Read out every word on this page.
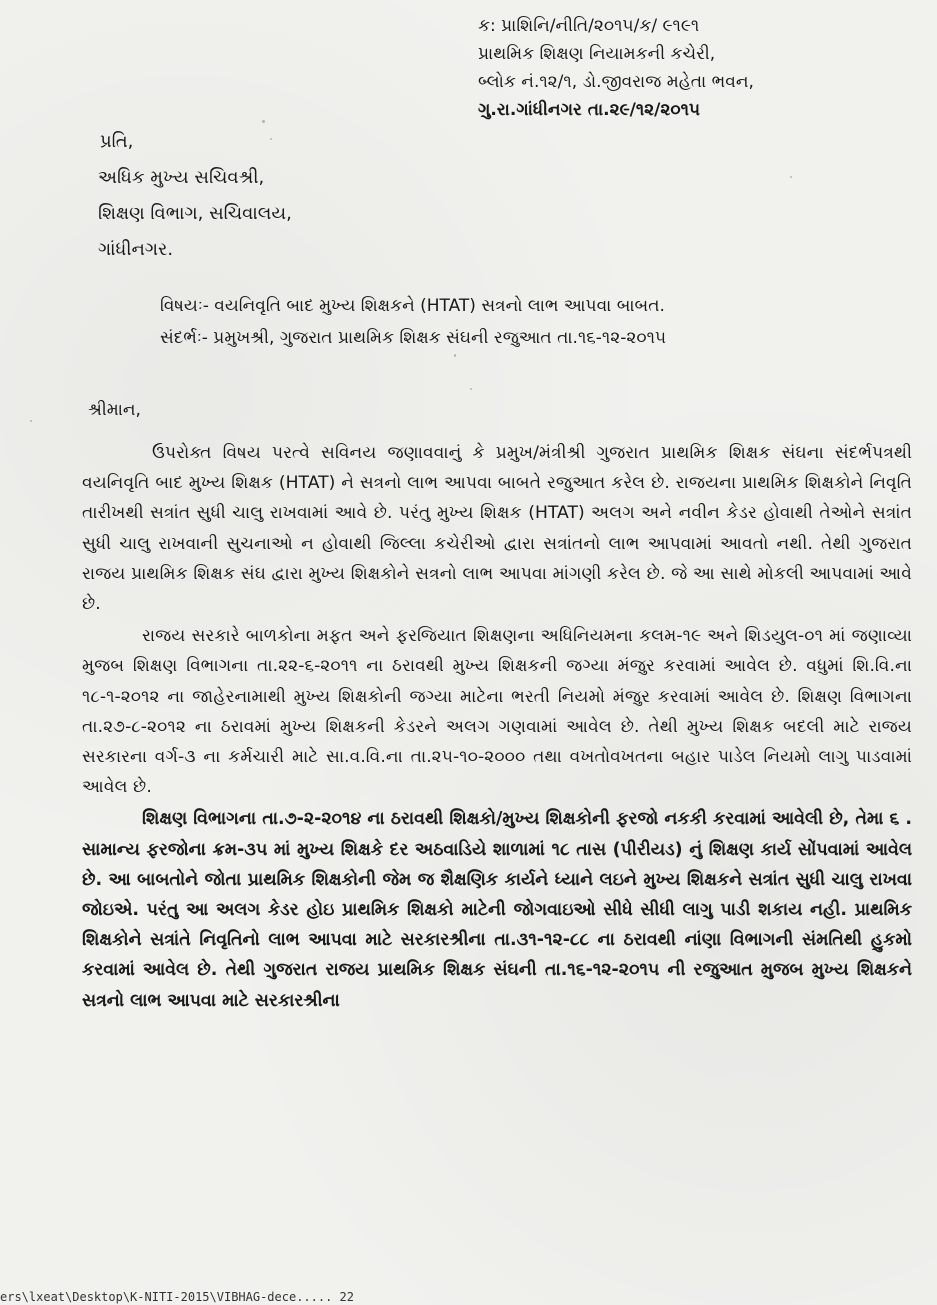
ક: પ્રાશિનિ/નીતિ/૨૦૧૫/ક/ ૯૧૯૧
પ્રાથમિક શિક્ષણ નિયામકની કચેરી,
બ્લોક નં.૧૨/૧, ડો.જીવરાજ મહેતા ભવન,
ગુ.રા.ગાંધીનગર તા.૨૯/૧૨/૨૦૧૫
પ્રતિ,
અધિક મુખ્ય સચિવશ્રી,
શિક્ષણ વિભાગ, સચિવાલય,
ગાંધીનગર.
વિષયઃ- વયનિવૃતિ બાદ મુખ્ય શિક્ષકને (HTAT) સત્રનો લાભ આપવા બાબત.
સંદર્ભઃ- પ્રમુખશ્રી, ગુજરાત પ્રાથમિક શિક્ષક સંઘની રજુઆત તા.૧૬-૧૨-૨૦૧૫
શ્રીમાન,

ઉપરોક્ત વિષય પરત્વે સવિનય જણાવવાનું કે પ્રમુખ/મંત્રીશ્રી ગુજરાત પ્રાથમિક શિક્ષક સંઘના સંદર્ભપત્રથી વયનિવૃતિ બાદ મુખ્ય શિક્ષક (HTAT) ને સત્રનો લાભ આપવા બાબતે રજુઆત કરેલ છે. રાજયના પ્રાથમિક શિક્ષકોને નિવૃતિ તારીખથી સત્રાંત સુધી ચાલુ રાખવામાં આવે છે. પરંતુ મુખ્ય શિક્ષક (HTAT) અલગ અને નવીન કેડર હોવાથી તેઓને સત્રાંત સુધી ચાલુ રાખવાની સુચનાઓ ન હોવાથી જિલ્લા કચેરીઓ દ્વારા સત્રાંતનો લાભ આપવામાં આવતો નથી. તેથી ગુજરાત રાજય પ્રાથમિક શિક્ષક સંઘ દ્વારા મુખ્ય શિક્ષકોને સત્રનો લાભ આપવા માંગણી કરેલ છે. જે આ સાથે મોકલી આપવામાં આવે છે.

રાજય સરકારે બાળકોના મફત અને ફરજિયાત શિક્ષણના અધિનિયમના કલમ-૧૯ અને શિડયુલ-૦૧ માં જણાવ્યા મુજબ શિક્ષણ વિભાગના તા.૨૨-૬-૨૦૧૧ ના ઠરાવથી મુખ્ય શિક્ષકની જગ્યા મંજુર કરવામાં આવેલ છે. વધુમાં શિ.વિ.ના ૧૮-૧-૨૦૧૨ ના જાહેરનામાથી મુખ્ય શિક્ષકોની જગ્યા માટેના ભરતી નિયમો મંજુર કરવામાં આવેલ છે. શિક્ષણ વિભાગના તા.૨૭-૮-૨૦૧૨ ના ઠરાવમાં મુખ્ય શિક્ષકની કેડરને અલગ ગણવામાં આવેલ છે. તેથી મુખ્ય શિક્ષક બદલી માટે રાજય સરકારના વર્ગ-૩ ના કર્મચારી માટે સા.વ.વિ.ના તા.૨૫-૧૦-૨૦૦૦ તથા વખતોવખતના બહાર પાડેલ નિયમો લાગુ પાડવામાં આવેલ છે.

શિક્ષણ વિભાગના તા.૭-૨-૨૦૧૪ ના ઠરાવથી શિક્ષકો/મુખ્ય શિક્ષકોની ફરજો નકકી કરવામાં આવેલી છે, તેમા ૬ . સામાન્ય ફરજોના ક્રમ-૩૫ માં મુખ્ય શિક્ષકે દર અઠવાડિયે શાળામાં ૧૮ તાસ (પીરીયડ) નું શિક્ષણ કાર્ય સોંપવામાં આવેલ છે. આ બાબતોને જોતા પ્રાથમિક શિક્ષકોની જેમ જ શૈક્ષણિક કાર્યને ધ્યાને લઇને મુખ્ય શિક્ષકને સત્રાંત સુધી ચાલુ રાખવા જોઇએ. પરંતુ આ અલગ કેડર હોઇ પ્રાથમિક શિક્ષકો માટેની જોગવાઇઓ સીધે સીધી લાગુ પાડી શકાય નહી. પ્રાથમિક શિક્ષકોને સત્રાંતે નિવૃતિનો લાભ આપવા માટે સરકારશ્રીના તા.૩૧-૧૨-૮૮ ના ઠરાવથી નાંણા વિભાગની સંમતિથી હુકમો કરવામાં આવેલ છે. તેથી ગુજરાત રાજય પ્રાથમિક શિક્ષક સંઘની તા.૧૬-૧૨-૨૦૧૫ ની રજુઆત મુજબ મુખ્ય શિક્ષકને સત્રનો લાભ આપવા માટે સરકારશ્રીના

ers\lxeat\Desktop\K-NITI-2015\VIBHAG-dece..... 22
